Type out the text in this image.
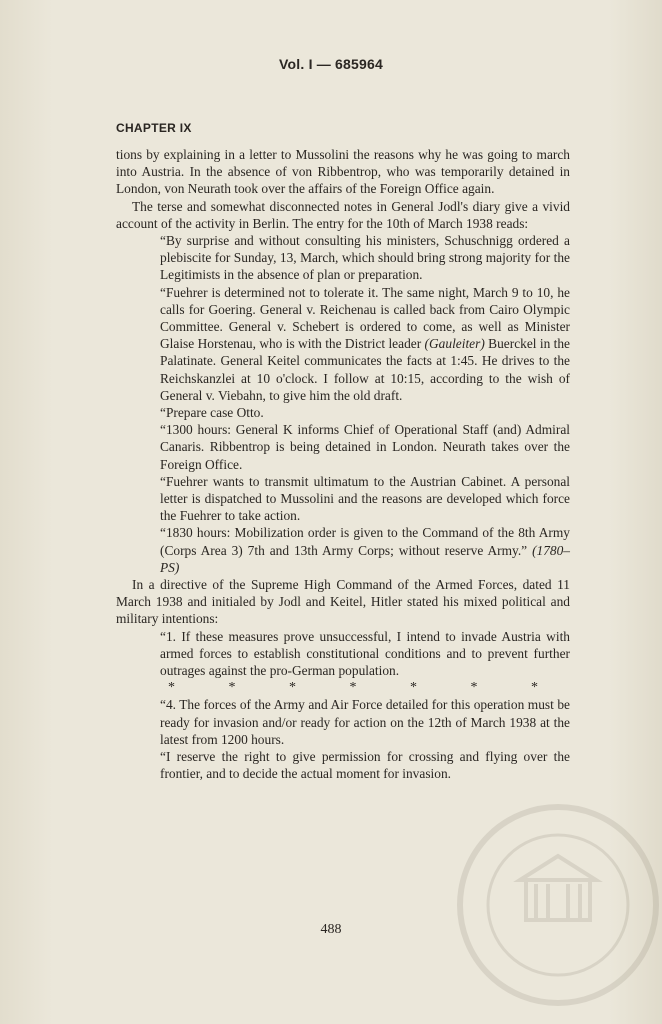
Vol. I — 685964
CHAPTER IX

tions by explaining in a letter to Mussolini the reasons why he was going to march into Austria. In the absence of von Ribbentrop, who was temporarily detained in London, von Neurath took over the affairs of the Foreign Office again.

The terse and somewhat disconnected notes in General Jodl's diary give a vivid account of the activity in Berlin. The entry for the 10th of March 1938 reads:

“By surprise and without consulting his ministers, Schuschnigg ordered a plebiscite for Sunday, 13, March, which should bring strong majority for the Legitimists in the absence of plan or preparation.

“Fuehrer is determined not to tolerate it. The same night, March 9 to 10, he calls for Goering. General v. Reichenau is called back from Cairo Olympic Committee. General v. Schebert is ordered to come, as well as Minister Glaise Horstenau, who is with the District leader (Gauleiter) Buerckel in the Palatinate. General Keitel communicates the facts at 1:45. He drives to the Reichskanzlei at 10 o'clock. I follow at 10:15, according to the wish of General v. Viebahn, to give him the old draft.

“Prepare case Otto.

“1300 hours: General K informs Chief of Operational Staff (and) Admiral Canaris. Ribbentrop is being detained in London. Neurath takes over the Foreign Office.

“Fuehrer wants to transmit ultimatum to the Austrian Cabinet. A personal letter is dispatched to Mussolini and the reasons are developed which force the Fuehrer to take action.

“1830 hours: Mobilization order is given to the Command of the 8th Army (Corps Area 3) 7th and 13th Army Corps; without reserve Army.” (1780–PS)

In a directive of the Supreme High Command of the Armed Forces, dated 11 March 1938 and initialed by Jodl and Keitel, Hitler stated his mixed political and military intentions:

“1. If these measures prove unsuccessful, I intend to invade Austria with armed forces to establish constitutional conditions and to prevent further outrages against the pro-German population.

*	*	*	*	*	*	*

“4. The forces of the Army and Air Force detailed for this operation must be ready for invasion and/or ready for action on the 12th of March 1938 at the latest from 1200 hours.

“I reserve the right to give permission for crossing and flying over the frontier, and to decide the actual moment for invasion.

488
